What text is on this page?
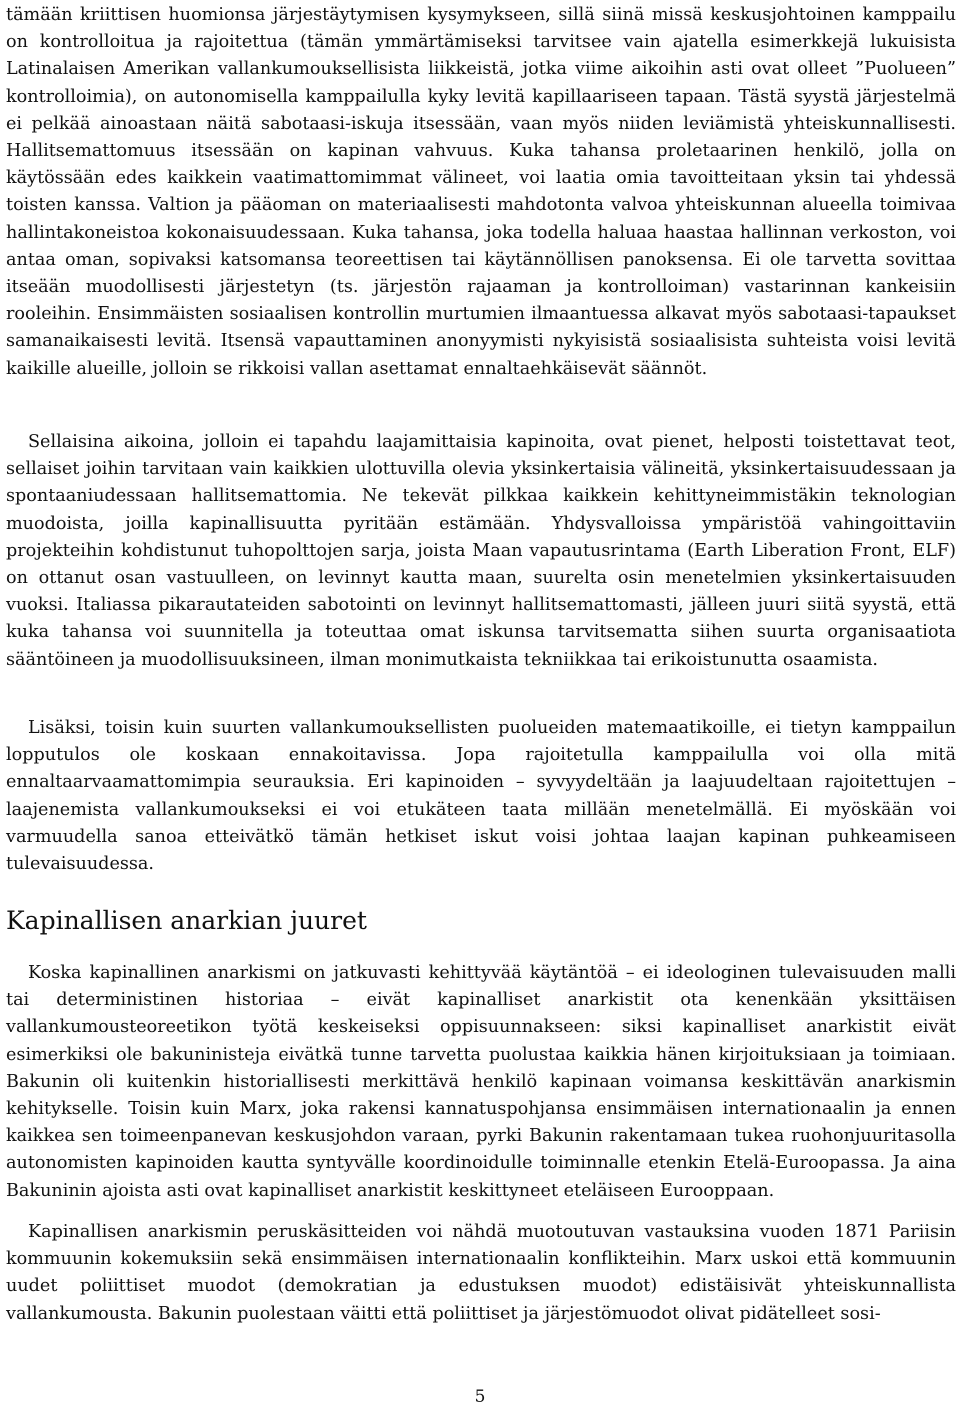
tämään kriittisen huomionsa järjestäytymisen kysymykseen, sillä siinä missä keskusjohtoinen kamppailu on kontrolloitua ja rajoitettua (tämän ymmärtämiseksi tarvitsee vain ajatella esimerkkejä lukuisista Latinalaisen Amerikan vallankumouksellisista liikkeistä, jotka viime aikoihin asti ovat olleet ”Puolueen” kontrolloimia), on autonomisella kamppailulla kyky levitä kapillaariseen tapaan. Tästä syystä järjestelmä ei pelkää ainoastaan näitä sabotaasi-iskuja itsessään, vaan myös niiden leviämistä yhteiskunnallisesti. Hallitsemattomuus itsessään on kapinan vahvuus. Kuka tahansa proletaarinen henkilö, jolla on käytössään edes kaikkein vaatimattomimmat välineet, voi laatia omia tavoitteitaan yksin tai yhdessä toisten kanssa. Valtion ja pääoman on materiaalisesti mahdotonta valvoa yhteiskunnan alueella toimivaa hallintakoneistoa kokonaisuudessaan. Kuka tahansa, joka todella haluaa haastaa hallinnan verkoston, voi antaa oman, sopivaksi katsomansa teoreettisen tai käytännöllisen panoksensa. Ei ole tarvetta sovittaa itseään muodollisesti järjestetyn (ts. järjestön rajaaman ja kontrolloiman) vastarinnan kankeisiin rooleihin. Ensimmäisten sosiaalisen kontrollin murtumien ilmaantuessa alkavat myös sabotaasi-tapaukset samanaikaisesti levitä. Itsensä vapauttaminen anonyymisti nykyisistä sosiaalisista suhteista voisi levitä kaikille alueille, jolloin se rikkoisi vallan asettamat ennaltaehkäisevät säännöt.

Sellaisina aikoina, jolloin ei tapahdu laajamittaisia kapinoita, ovat pienet, helposti toistettavat teot, sellaiset joihin tarvitaan vain kaikkien ulottuvilla olevia yksinkertaisia välineitä, yksinkertaisuudessaan ja spontaaniudessaan hallitsemattomia. Ne tekevät pilkkaa kaikkein kehittyneimmistäkin teknologian muodoista, joilla kapinallisuutta pyritään estämään. Yhdysvalloissa ympäristöä vahingoittaviin projekteihin kohdistunut tuhopolttojen sarja, joista Maan vapautusrintama (Earth Liberation Front, ELF) on ottanut osan vastuulleen, on levinnyt kautta maan, suurelta osin menetelmien yksinkertaisuuden vuoksi. Italiassa pikarautateiden sabotointi on levinnyt hallitsemattomasti, jälleen juuri siitä syystä, että kuka tahansa voi suunnitella ja toteuttaa omat iskunsa tarvitsematta siihen suurta organisaatiota sääntöineen ja muodollisuuksineen, ilman monimutkaista tekniikkaa tai erikoistunutta osaamista.

Lisäksi, toisin kuin suurten vallankumouksellisten puolueiden matemaatikoille, ei tietyn kamppailun lopputulos ole koskaan ennakoitavissa. Jopa rajoitetulla kamppailulla voi olla mitä ennaltaarvaamattomimpia seurauksia. Eri kapinoiden – syvyydeltään ja laajuudeltaan rajoitettujen – laajenemista vallankumoukseksi ei voi etukäteen taata millään menetelmällä. Ei myöskään voi varmuudella sanoa etteivätkö tämän hetkiset iskut voisi johtaa laajan kapinan puhkeamiseen tulevaisuudessa.

Kapinallisen anarkian juuret

Koska kapinallinen anarkismi on jatkuvasti kehittyvää käytäntöä – ei ideologinen tulevaisuuden malli tai deterministinen historiaa – eivät kapinalliset anarkistit ota kenenkään yksittäisen vallankumousteoreetikon työtä keskeiseksi oppisuunnakseen: siksi kapinalliset anarkistit eivät esimerkiksi ole bakuninisteja eivätkä tunne tarvetta puolustaa kaikkia hänen kirjoituksiaan ja toimiaan. Bakunin oli kuitenkin historiallisesti merkittävä henkilö kapinaan voimansa keskittävän anarkismin kehitykselle. Toisin kuin Marx, joka rakensi kannatuspohjansa ensimmäisen internationaalin ja ennen kaikkea sen toimeenpanevan keskusjohdon varaan, pyrki Bakunin rakentamaan tukea ruohonjuuritasolla autonomisten kapinoiden kautta syntyvälle koordinoidulle toiminnalle etenkin Etelä-Euroopassa. Ja aina Bakuninin ajoista asti ovat kapinalliset anarkistit keskittyneet eteläiseen Eurooppaan.

Kapinallisen anarkismin peruskäsitteiden voi nähdä muotoutuvan vastauksina vuoden 1871 Pariisin kommuunin kokemuksiin sekä ensimmäisen internationaalin konflikteihin. Marx uskoi että kommuunin uudet poliittiset muodot (demokratian ja edustuksen muodot) edistäisivät yhteiskunnallista vallankumousta. Bakunin puolestaan väitti että poliittiset ja järjestömuodot olivat pidätelleet sosi-

5
